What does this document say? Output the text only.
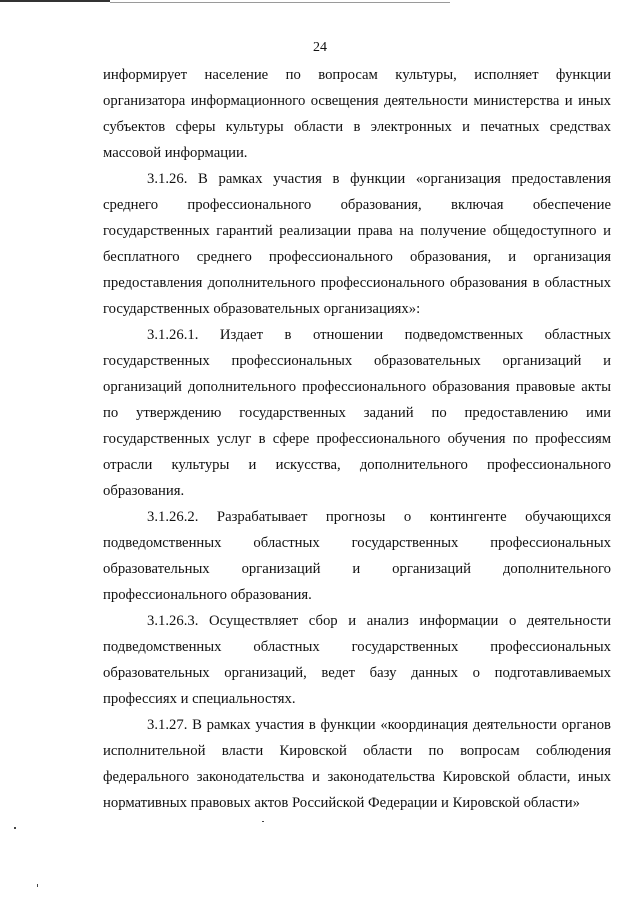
24

информирует население по вопросам культуры, исполняет функции организатора информационного освещения деятельности министерства и иных субъектов сферы культуры области в электронных и печатных средствах массовой информации.

3.1.26. В рамках участия в функции «организация предоставления среднего профессионального образования, включая обеспечение государственных гарантий реализации права на получение общедоступного и бесплатного среднего профессионального образования, и организация предоставления дополнительного профессионального образования в областных государственных образовательных организациях»:

3.1.26.1. Издает в отношении подведомственных областных государственных профессиональных образовательных организаций и организаций дополнительного профессионального образования правовые акты по утверждению государственных заданий по предоставлению ими государственных услуг в сфере профессионального обучения по профессиям отрасли культуры и искусства, дополнительного профессионального образования.

3.1.26.2. Разрабатывает прогнозы о контингенте обучающихся подведомственных областных государственных профессиональных образовательных организаций и организаций дополнительного профессионального образования.

3.1.26.3. Осуществляет сбор и анализ информации о деятельности подведомственных областных государственных профессиональных образовательных организаций, ведет базу данных о подготавливаемых профессиях и специальностях.

3.1.27. В рамках участия в функции «координация деятельности органов исполнительной власти Кировской области по вопросам соблюдения федерального законодательства и законодательства Кировской области, иных нормативных правовых актов Российской Федерации и Кировской области»
